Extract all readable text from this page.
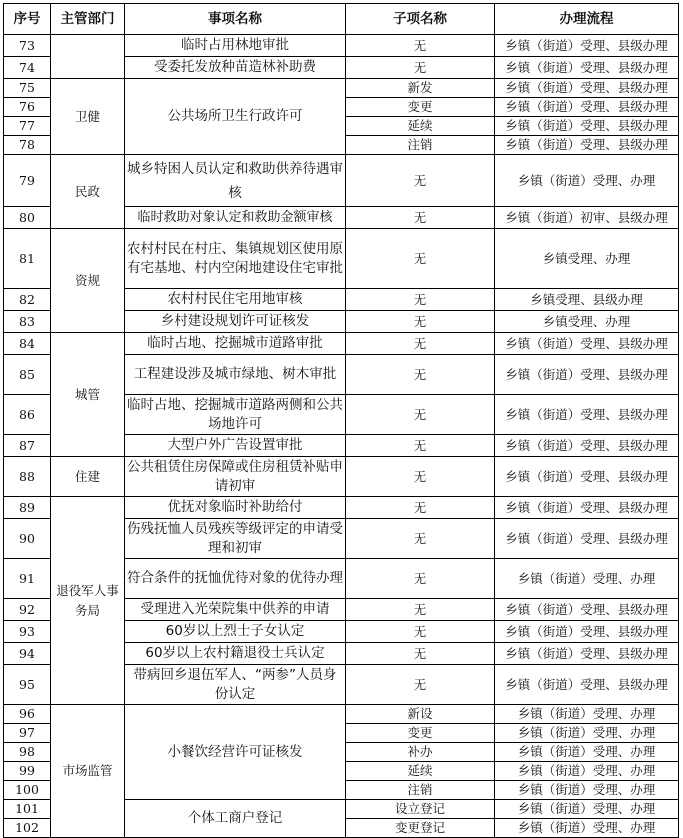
序号	主管部门	事项名称	子项名称	办理流程
73		临时占用林地审批	无	乡镇（街道）受理、县级办理
74		受委托发放种苗造林补助费	无	乡镇（街道）受理、县级办理
75	卫健	公共场所卫生行政许可	新发	乡镇（街道）受理、县级办理
76			变更	乡镇（街道）受理、县级办理
77			延续	乡镇（街道）受理、县级办理
78			注销	乡镇（街道）受理、县级办理
79	民政	城乡特困人员认定和救助供养待遇审核	无	乡镇（街道）受理、办理
80		临时救助对象认定和救助金额审核	无	乡镇（街道）初审、县级办理
81	资规	农村村民在村庄、集镇规划区使用原有宅基地、村内空闲地建设住宅审批	无	乡镇受理、办理
82		农村村民住宅用地审核	无	乡镇受理、县级办理
83		乡村建设规划许可证核发	无	乡镇受理、办理
84	城管	临时占地、挖掘城市道路审批	无	乡镇（街道）受理、县级办理
85		工程建设涉及城市绿地、树木审批	无	乡镇（街道）受理、县级办理
86		临时占地、挖掘城市道路两侧和公共场地许可	无	乡镇（街道）受理、县级办理
87		大型户外广告设置审批	无	乡镇（街道）受理、县级办理
88	住建	公共租赁住房保障或住房租赁补贴申请初审	无	乡镇（街道）受理、县级办理
89	退役军人事务局	优抚对象临时补助给付	无	乡镇（街道）受理、县级办理
90		伤残抚恤人员残疾等级评定的申请受理和初审	无	乡镇（街道）受理、县级办理
91		符合条件的抚恤优待对象的优待办理	无	乡镇（街道）受理、办理
92		受理进入光荣院集中供养的申请	无	乡镇（街道）受理、县级办理
93		60岁以上烈士子女认定	无	乡镇（街道）受理、县级办理
94		60岁以上农村籍退役士兵认定	无	乡镇（街道）受理、县级办理
95		带病回乡退伍军人、“两参”人员身份认定	无	乡镇（街道）受理、县级办理
96	市场监管	小餐饮经营许可证核发	新设	乡镇（街道）受理、办理
97			变更	乡镇（街道）受理、办理
98			补办	乡镇（街道）受理、办理
99			延续	乡镇（街道）受理、办理
100			注销	乡镇（街道）受理、办理
101		个体工商户登记	设立登记	乡镇（街道）受理、办理
102			变更登记	乡镇（街道）受理、办理
